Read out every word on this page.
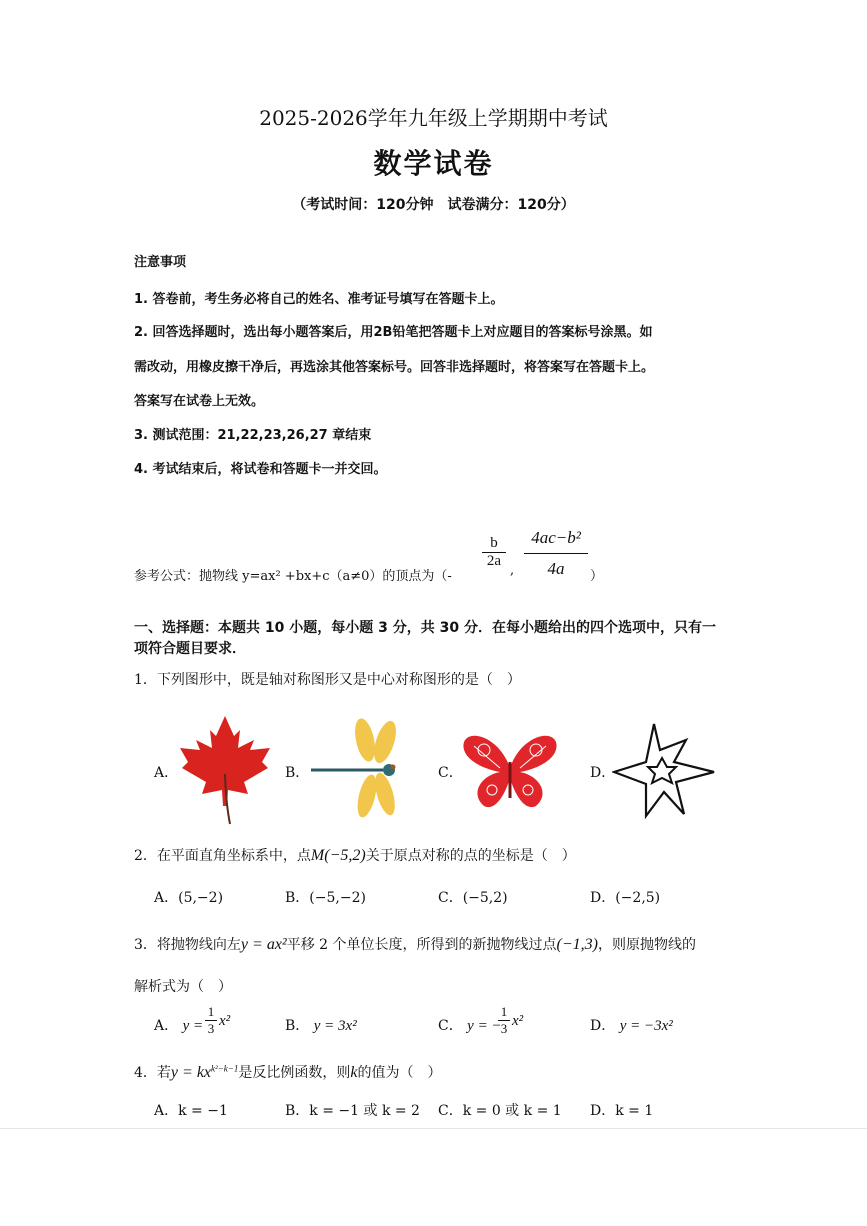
2025-2026学年九年级上学期期中考试
数学试卷
（考试时间：120分钟　试卷满分：120分）
注意事项
1. 答卷前，考生务必将自己的姓名、准考证号填写在答题卡上。
2. 回答选择题时，选出每小题答案后，用2B铅笔把答题卡上对应题目的答案标号涂黑。如
需改动，用橡皮擦干净后，再选涂其他答案标号。回答非选择题时，将答案写在答题卡上。
答案写在试卷上无效。
3. 测试范围：21,22,23,26,27 章结束
4. 考试结束后，将试卷和答题卡一并交回。
参考公式：抛物线 y=ax² +bx+c（a≠0）的顶点为（-
$\frac{b}{2a}$
, $\frac{\text{4ac−b²}}{4a}$ ）
一、选择题：本题共 10 小题，每小题 3 分，共 30 分．在每小题给出的四个选项中，只有一
项符合题目要求．
1．下列图形中，既是轴对称图形又是中心对称图形的是（　）
A．	B．	C．	D．
2．在平面直角坐标系中，点M(−5,2)关于原点对称的点的坐标是（　）
A．(5,−2)	B．(−5,−2)	C．(−5,2)	D．(−2,5)
3．将抛物线向左y = ax²平移 2 个单位长度，所得到的新抛物线过点(−1,3)，则原抛物线的
解析式为（　）
A． $y = \frac{1}{3} x^2$	B． y = 3x²	C． y = −
$\frac{1}{3} x^2$	D． y = −3x²
4．若$y = kx^{k^2-k-1}$是反比例函数，则k的值为（　）
A．k = −1	B．k = −1 或 k = 2 C．k = 0 或 k = 1 D．k = 1
